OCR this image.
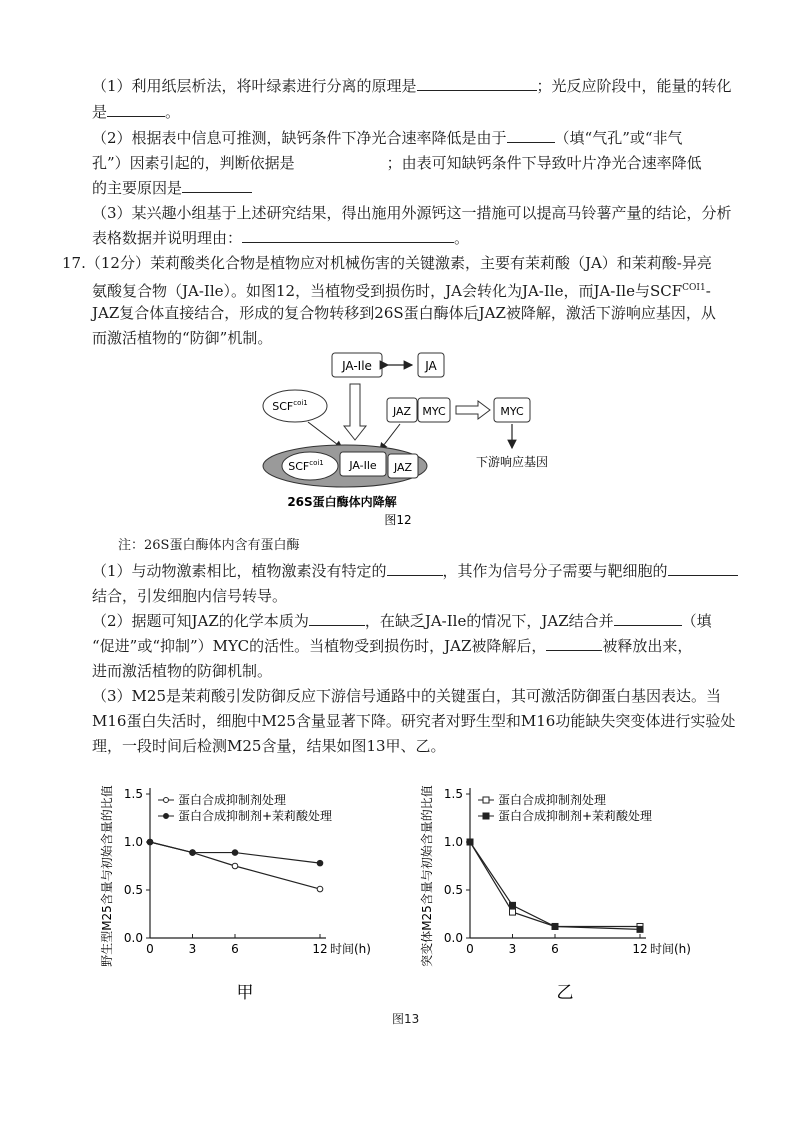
（1）利用纸层析法，将叶绿素进行分离的原理是	；光反应阶段中，能量的转化
是	。
（2）根据表中信息可推测，缺钙条件下净光合速率降低是由于	（填“气孔”或“非气
孔”）因素引起的，判断依据是	；由表可知缺钙条件下导致叶片净光合速率降低
的主要原因是
（3）某兴趣小组基于上述研究结果，得出施用外源钙这一措施可以提高马铃薯产量的结论，分析
表格数据并说明理由：	。
17.（12分）茉莉酸类化合物是植物应对机械伤害的关键激素，主要有茉莉酸（JA）和茉莉酸-异亮
氨酸复合物（JA-Ile）。如图12，当植物受到损伤时，JA会转化为JA-Ile，而JA-Ile与$SCF^{COI1}-$
JAZ复合体直接结合，形成的复合物转移到26S蛋白酶体后JAZ被降解，激活下游响应基因，从
而激活植物的“防御”机制。
JA-Ile	JA
$SCF^{coi1}$
JAZ MYC	MYC
下游响应基因
$SCF^{coi1}$ JA-Ile JAZ
26S蛋白酶体内降解
图12
注：26S蛋白酶体内含有蛋白酶
（1）与动物激素相比，植物激素没有特定的	，其作为信号分子需要与靶细胞的
结合，引发细胞内信号转导。
（2）据题可知JAZ的化学本质为	，在缺乏JA-Ile的情况下，JAZ结合并	（填
“促进”或“抑制”）MYC的活性。当植物受到损伤时，JAZ被降解后，	被释放出来，
进而激活植物的防御机制。
（3）M25是茉莉酸引发防御反应下游信号通路中的关键蛋白，其可激活防御蛋白基因表达。当
M16蛋白失活时，细胞中M25含量显著下降。研究者对野生型和M16功能缺失突变体进行实验处
理，一段时间后检测M25含量，结果如图13甲、乙。
野生型M25含量与初始含量的比值 0.0
0.5
1.0
1.5
0	3	6	12 时间(h)
蛋白合成抑制剂处理
蛋白合成抑制剂+茉莉酸处理
甲
突变体M25含量与初始含量的比值 0.0
0.5
1.0
1.5
0	3	6	12 时间(h)
蛋白合成抑制剂处理
蛋白合成抑制剂+茉莉酸处理
乙
图13
